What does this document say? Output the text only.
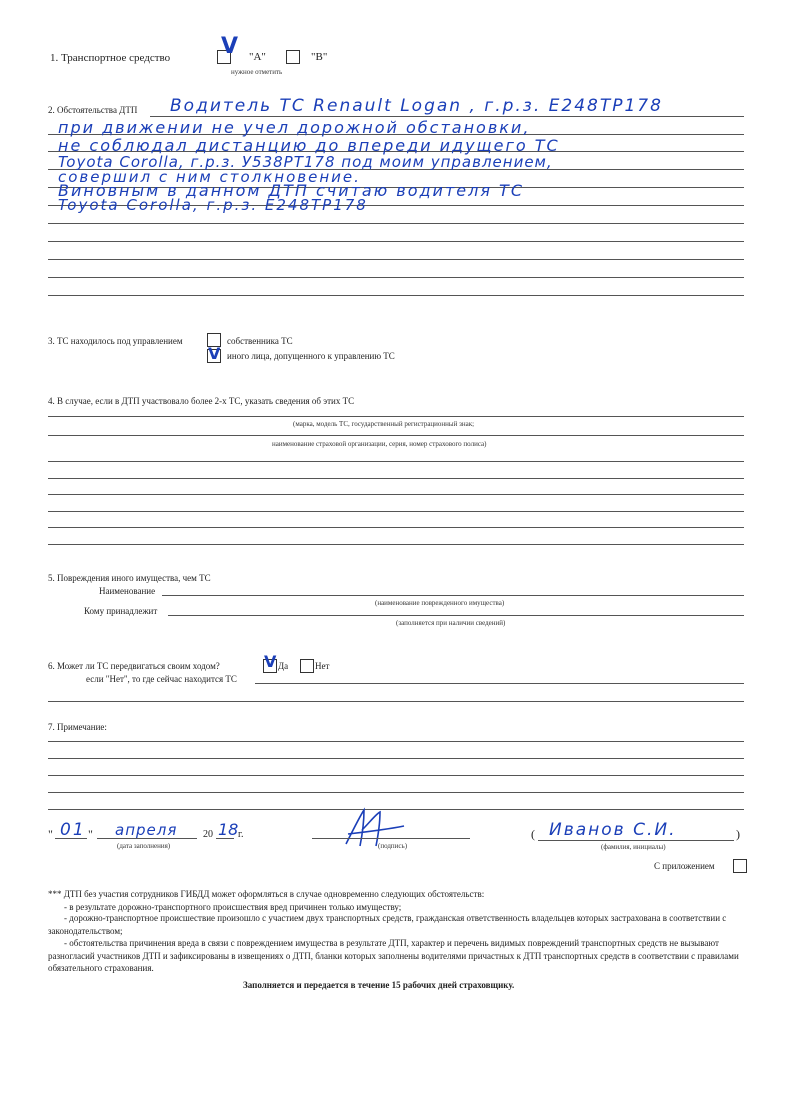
1. Транспортное средство V "А"	"В"
нужное отметить
2. Обстоятельства ДТП Водитель ТС Renault Logan , г.р.з. Е248ТР178
при движении не учел дорожной обстановки,
не соблюдал дистанцию до впереди идущего ТС
Toyota Corolla, г.р.з. У538РТ178 под моим управлением,
совершил с ним столкновение.
Виновным в данном ДТП считаю водителя ТС
Toyota Corolla, г.р.з. Е248ТР178
3. ТС находилось под управлением	собственника ТС
V иного лица, допущенного к управлению ТС
4. В случае, если в ДТП участвовало более 2-х ТС, указать сведения об этих ТС
(марка, модель ТС, государственный регистрационный знак;
наименование страховой организации, серия, номер страхового полиса)
5. Повреждения иного имущества, чем ТС
Наименование
(наименование поврежденного имущества)
Кому принадлежит
(заполняется при наличии сведений)
6. Может ли ТС передвигаться своим ходом?	V Да	Нет
если "Нет", то где сейчас находится ТС
7. Примечание:
" 01 " апреля	20 18 г.
(дата заполнения)	(подпись)
( Иванов С.И.	)
(фамилия, инициалы)
С приложением
*** ДТП без участия сотрудников ГИБДД может оформляться в случае одновременно следующих обстоятельств:
- в результате дорожно-транспортного происшествия вред причинен только имуществу;
- дорожно-транспортное происшествие произошло с участием двух транспортных средств, гражданская ответственность владельцев которых застрахована в соответствии с законодательством;
- обстоятельства причинения вреда в связи с повреждением имущества в результате ДТП, характер и перечень видимых повреждений транспортных средств не вызывают разногласий участников ДТП и зафиксированы в извещениях о ДТП, бланки которых заполнены водителями причастных к ДТП транспортных средств в соответствии с правилами обязательного страхования.
Заполняется и передается в течение 15 рабочих дней страховщику.
